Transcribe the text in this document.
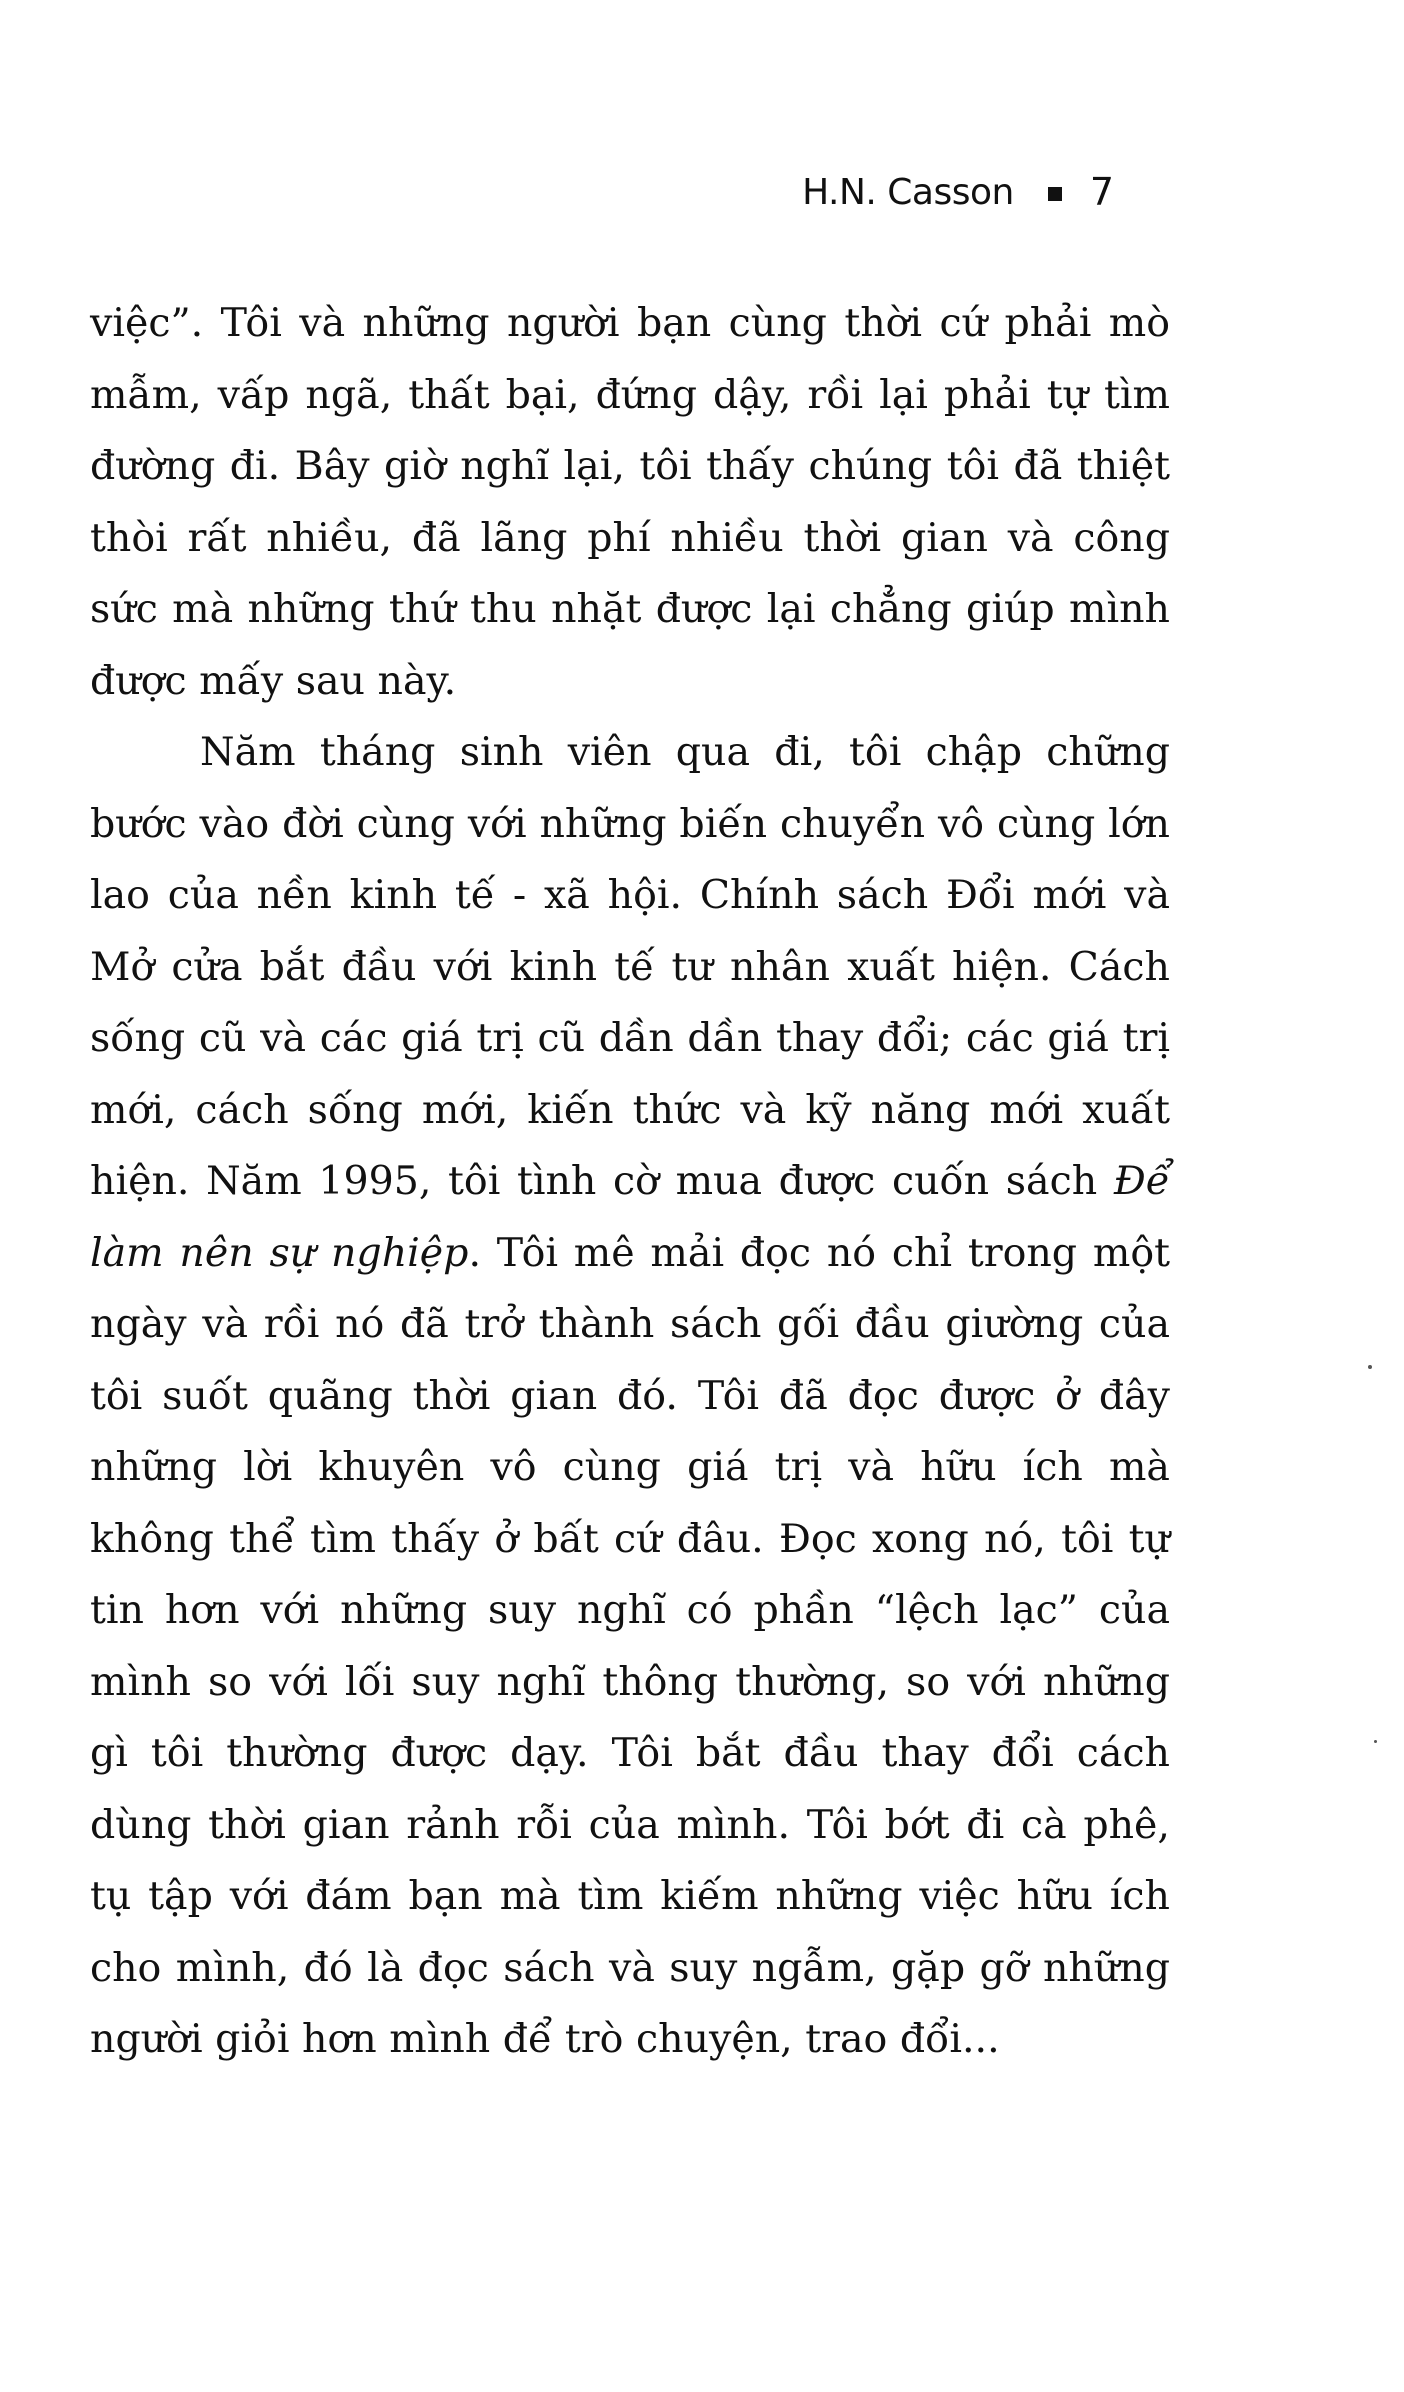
H.N. Casson 7

việc”. Tôi và những người bạn cùng thời cứ phải mò mẫm, vấp ngã, thất bại, đứng dậy, rồi lại phải tự tìm đường đi. Bây giờ nghĩ lại, tôi thấy chúng tôi đã thiệt thòi rất nhiều, đã lãng phí nhiều thời gian và công sức mà những thứ thu nhặt được lại chẳng giúp mình được mấy sau này.

Năm tháng sinh viên qua đi, tôi chập chững bước vào đời cùng với những biến chuyển vô cùng lớn lao của nền kinh tế - xã hội. Chính sách Đổi mới và Mở cửa bắt đầu với kinh tế tư nhân xuất hiện. Cách sống cũ và các giá trị cũ dần dần thay đổi; các giá trị mới, cách sống mới, kiến thức và kỹ năng mới xuất hiện. Năm 1995, tôi tình cờ mua được cuốn sách Để làm nên sự nghiệp. Tôi mê mải đọc nó chỉ trong một ngày và rồi nó đã trở thành sách gối đầu giường của tôi suốt quãng thời gian đó. Tôi đã đọc được ở đây những lời khuyên vô cùng giá trị và hữu ích mà không thể tìm thấy ở bất cứ đâu. Đọc xong nó, tôi tự tin hơn với những suy nghĩ có phần “lệch lạc” của mình so với lối suy nghĩ thông thường, so với những gì tôi thường được dạy. Tôi bắt đầu thay đổi cách dùng thời gian rảnh rỗi của mình. Tôi bớt đi cà phê, tụ tập với đám bạn mà tìm kiếm những việc hữu ích cho mình, đó là đọc sách và suy ngẫm, gặp gỡ những người giỏi hơn mình để trò chuyện, trao đổi...
